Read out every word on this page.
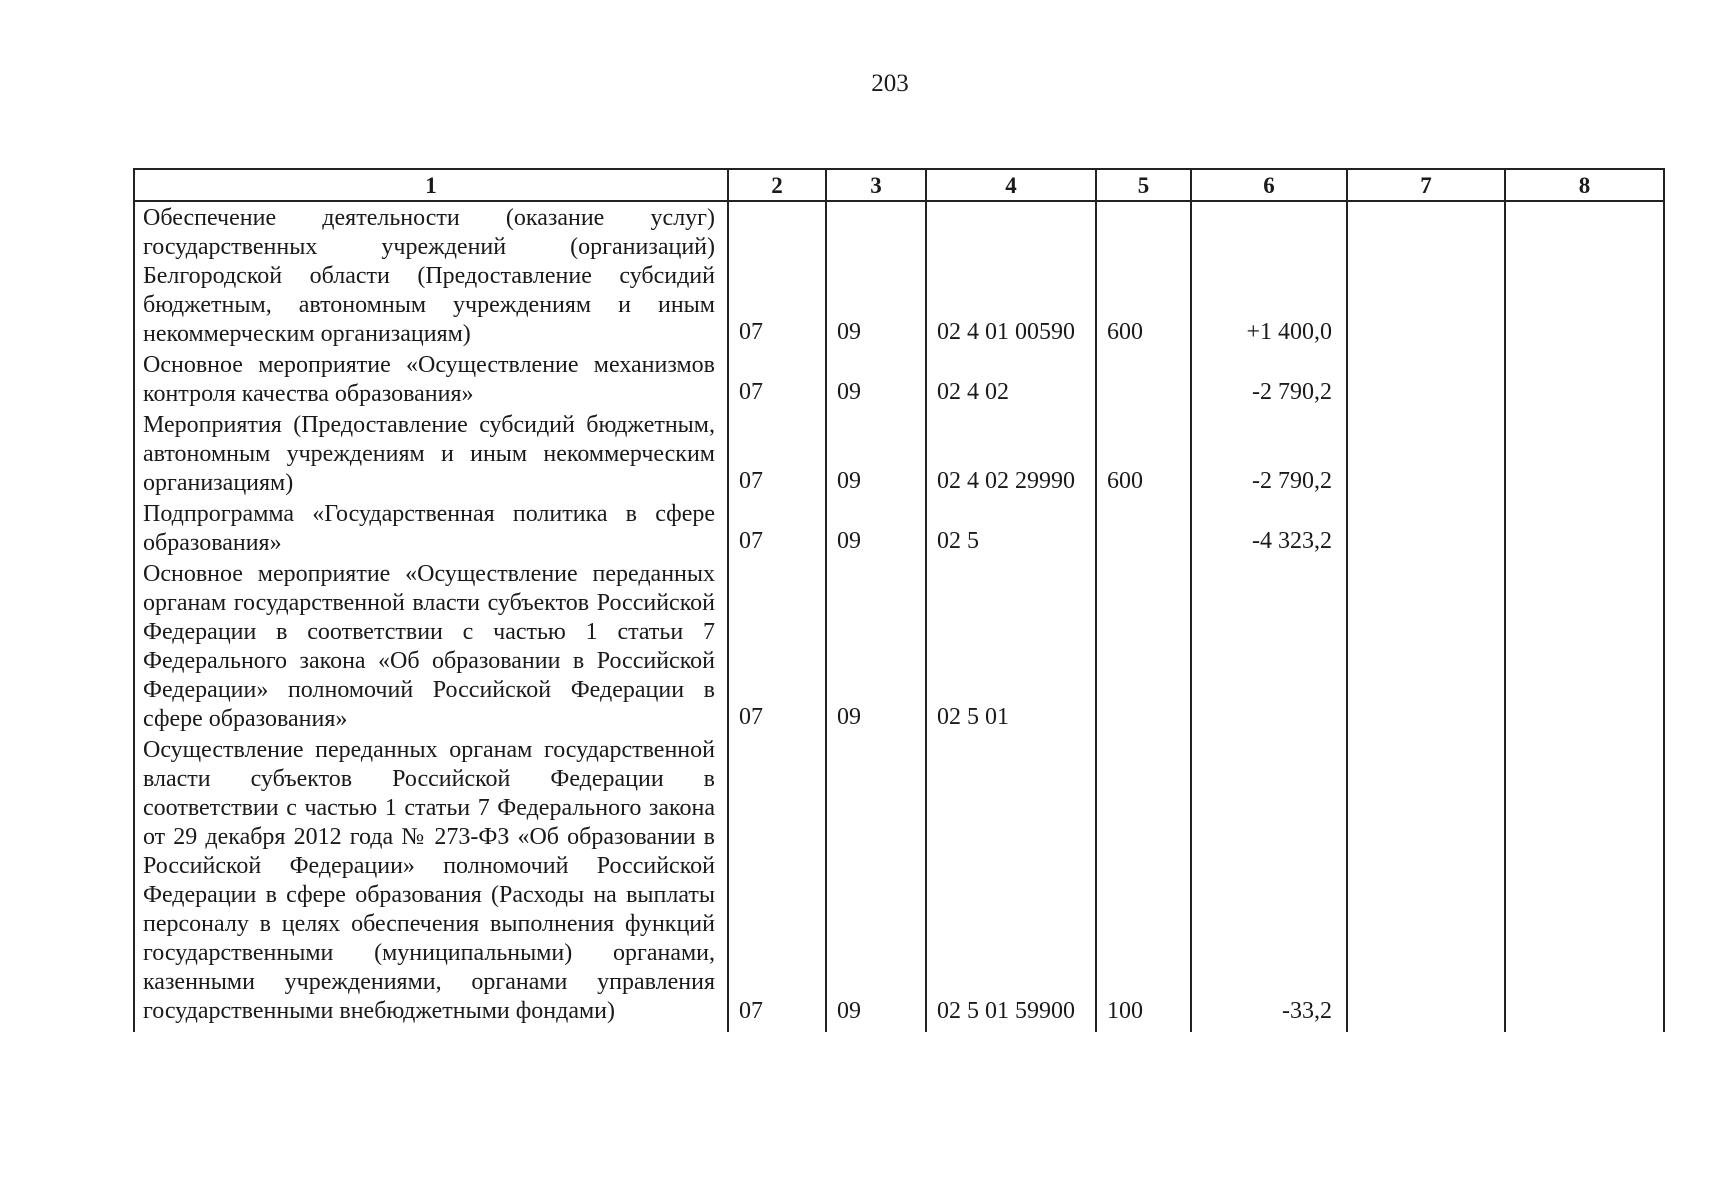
203
1	2	3	4	5	6	7	8
Обеспечение деятельности (оказание услуг) государственных учреждений (организаций) Белгородской области (Предоставление субсидий бюджетным, автономным учреждениям и иным некоммерческим организациям)	07	09	02 4 01 00590	600	+1 400,0		
Основное мероприятие «Осуществление механизмов контроля качества образования»	07	09	02 4 02		-2 790,2		
Мероприятия (Предоставление субсидий бюджетным, автономным учреждениям и иным некоммерческим организациям)	07	09	02 4 02 29990	600	-2 790,2		
Подпрограмма «Государственная политика в сфере образования»	07	09	02 5		-4 323,2		
Основное мероприятие «Осуществление переданных органам государственной власти субъектов Российской Федерации в соответствии с частью 1 статьи 7 Федерального закона «Об образовании в Российской Федерации» полномочий Российской Федерации в сфере образования»	07	09	02 5 01				
Осуществление переданных органам государственной власти субъектов Российской Федерации в соответствии с частью 1 статьи 7 Федерального закона от 29 декабря 2012 года № 273-ФЗ «Об образовании в Российской Федерации» полномочий Российской Федерации в сфере образования (Расходы на выплаты персоналу в целях обеспечения выполнения функций государственными (муниципальными) органами, казенными учреждениями, органами управления государственными внебюджетными фондами)	07	09	02 5 01 59900	100	-33,2		
